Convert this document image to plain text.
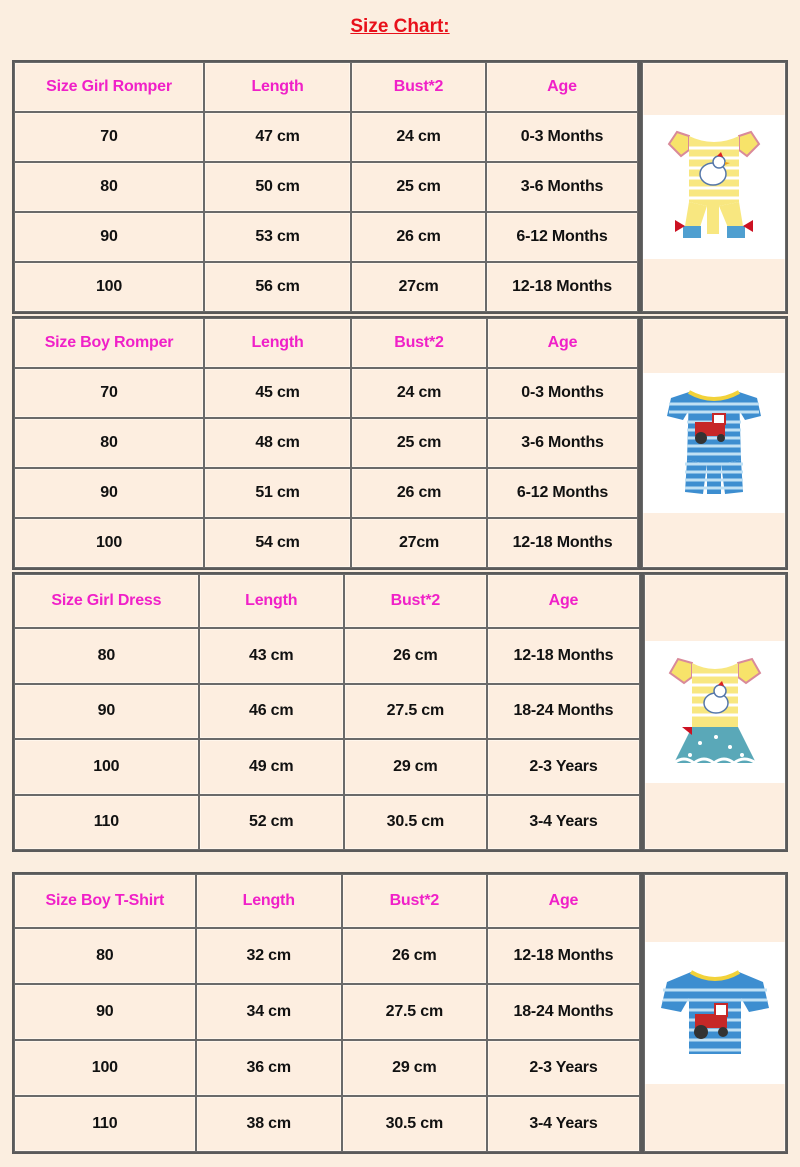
Size Chart:
Size Girl Romper	Length	Bust*2	Age
70	47 cm	24 cm	0-3 Months
80	50 cm	25 cm	3-6 Months
90	53 cm	26 cm	6-12 Months
100	56 cm	27cm	12-18 Months
Size Boy Romper	Length	Bust*2	Age
70	45 cm	24 cm	0-3 Months
80	48 cm	25 cm	3-6 Months
90	51 cm	26 cm	6-12 Months
100	54 cm	27cm	12-18 Months
Size Girl Dress	Length	Bust*2	Age
80	43 cm	26 cm	12-18 Months
90	46 cm	27.5 cm	18-24 Months
100	49 cm	29 cm	2-3 Years
110	52 cm	30.5 cm	3-4 Years
Size Boy T-Shirt	Length	Bust*2	Age
80	32 cm	26 cm	12-18 Months
90	34 cm	27.5 cm	18-24 Months
100	36 cm	29 cm	2-3 Years
110	38 cm	30.5 cm	3-4 Years
